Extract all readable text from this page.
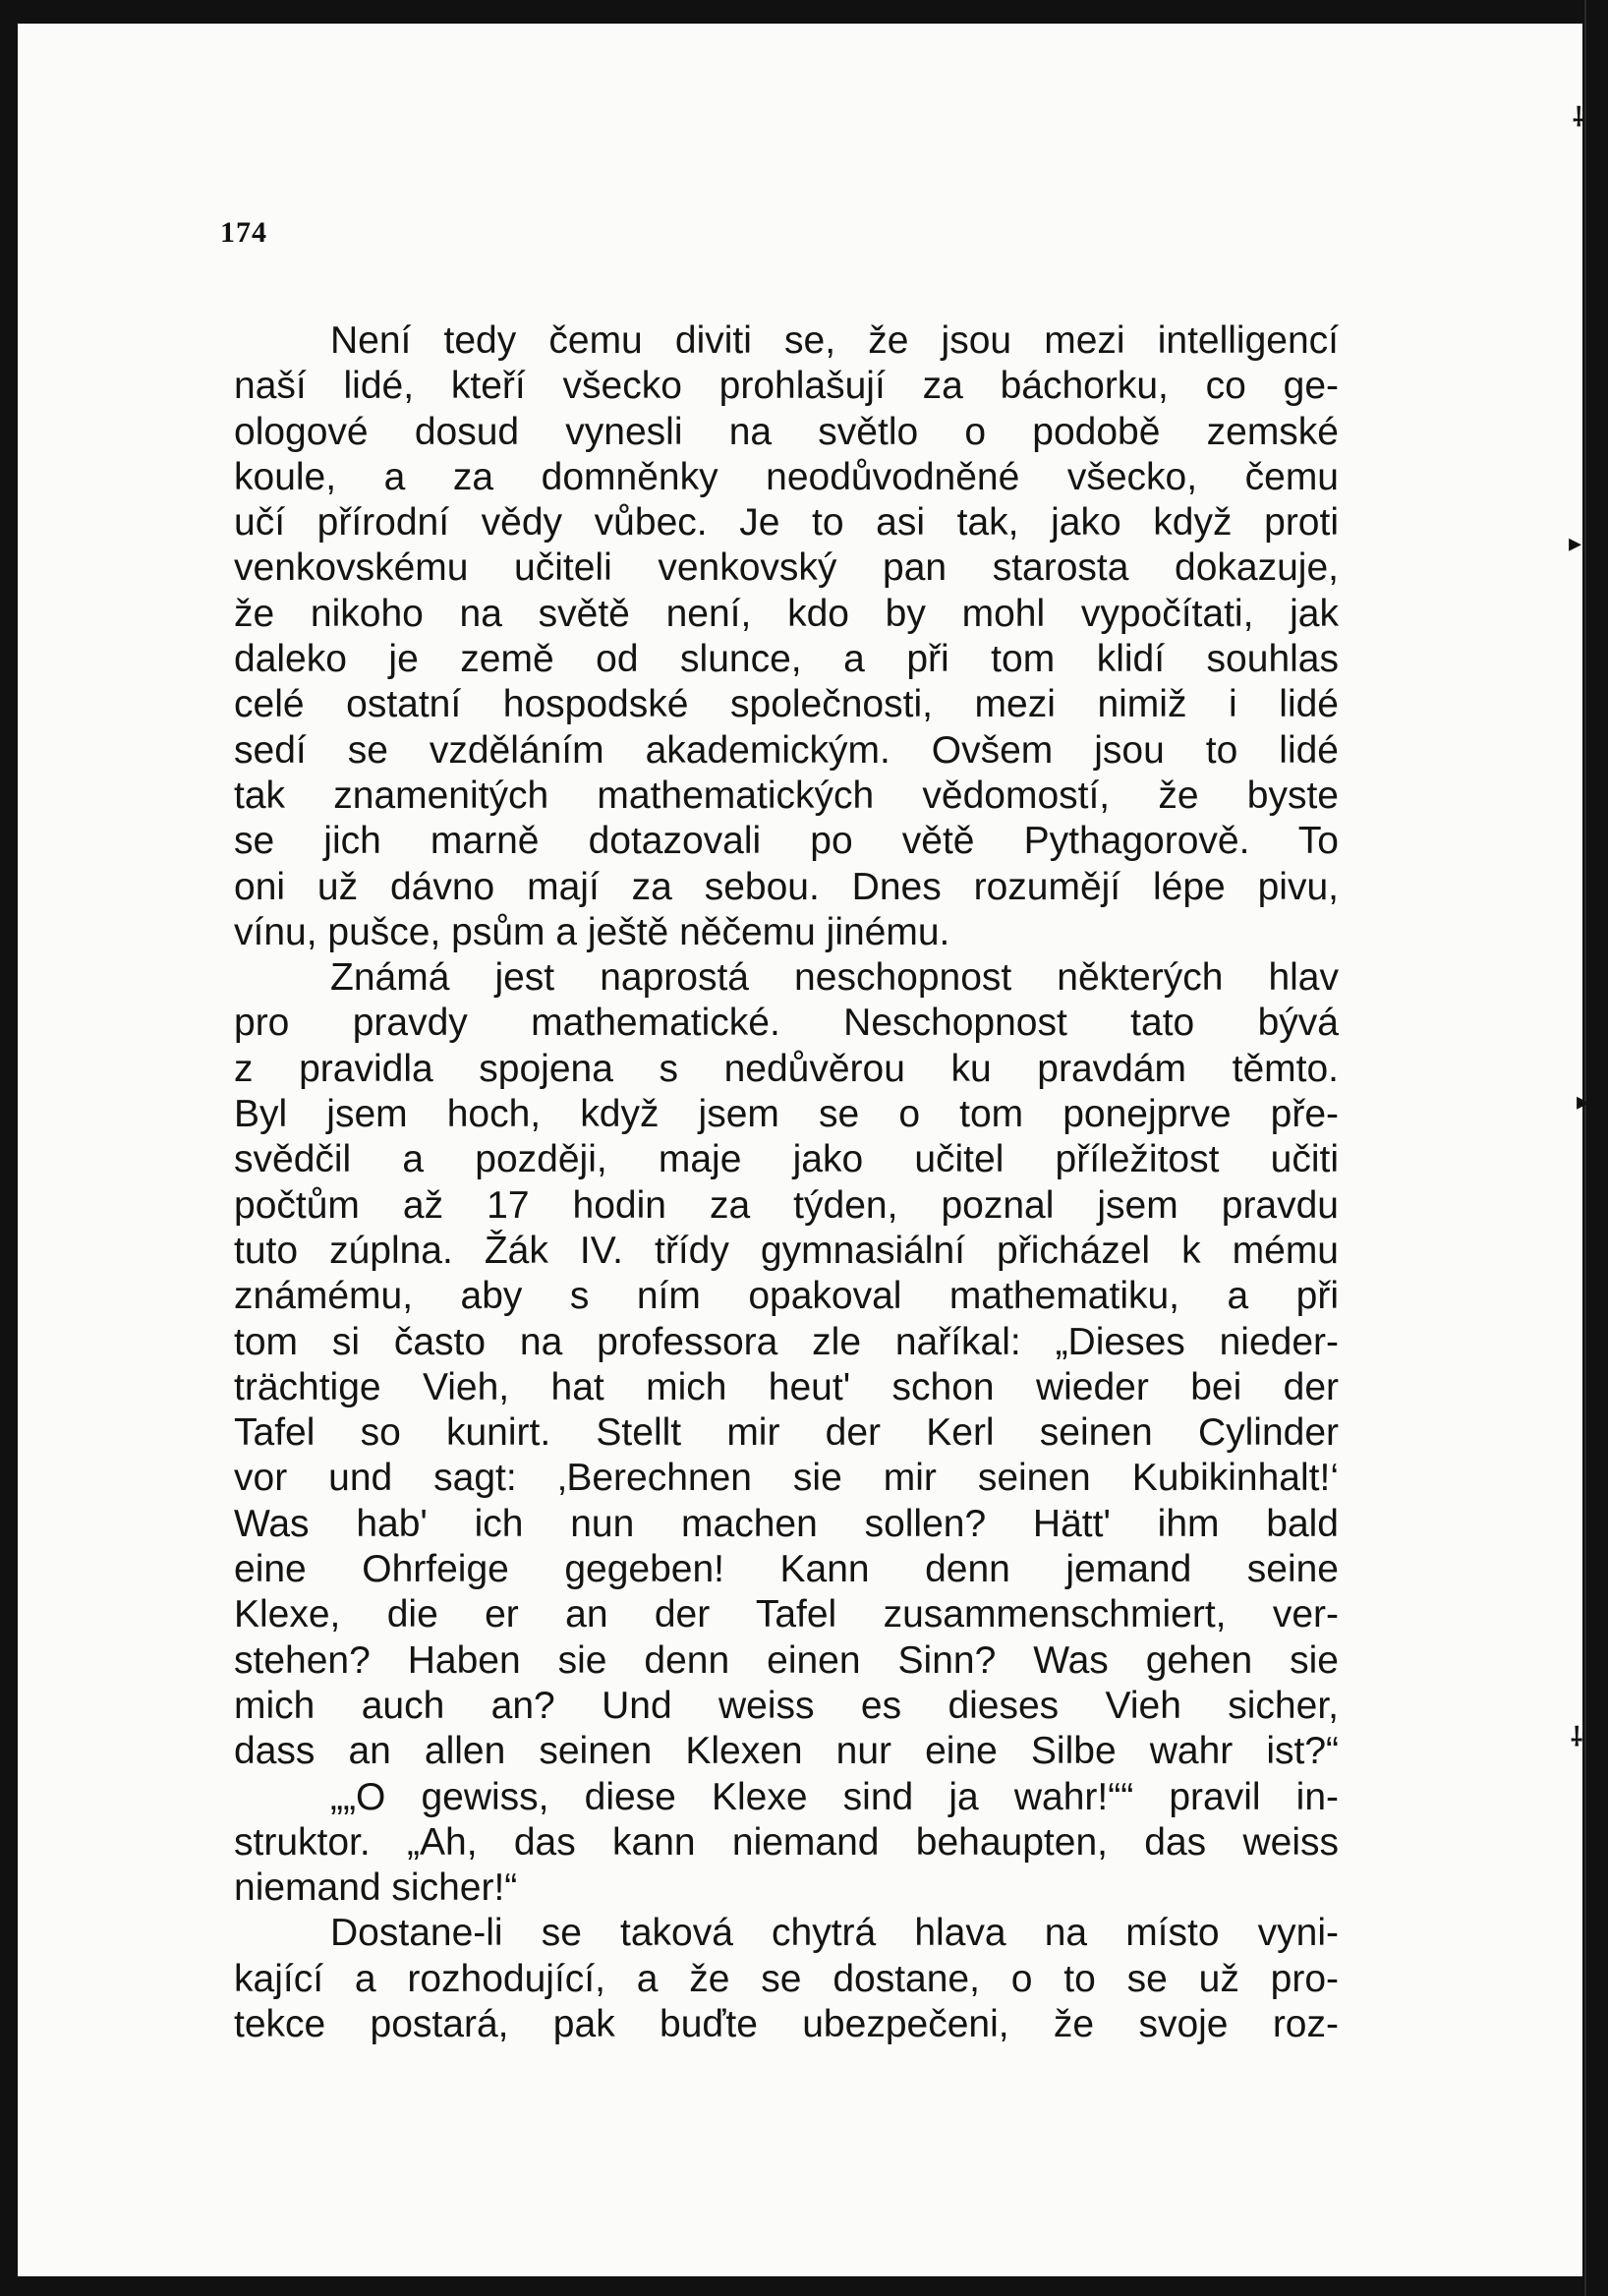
174
Není tedy čemu diviti se, že jsou mezi intelligencí
naší lidé, kteří všecko prohlašují za báchorku, co ge-
ologové dosud vynesli na světlo o podobě zemské
koule, a za domněnky neodůvodněné všecko, čemu
učí přírodní vědy vůbec. Je to asi tak, jako když proti
venkovskému učiteli venkovský pan starosta dokazuje,
že nikoho na světě není, kdo by mohl vypočítati, jak
daleko je země od slunce, a při tom klidí souhlas
celé ostatní hospodské společnosti, mezi nimiž i lidé
sedí se vzděláním akademickým. Ovšem jsou to lidé
tak znamenitých mathematických vědomostí, že byste
se jich marně dotazovali po větě Pythagorově. To
oni už dávno mají za sebou. Dnes rozumějí lépe pivu,
vínu, pušce, psům a ještě něčemu jinému.
Známá jest naprostá neschopnost některých hlav
pro pravdy mathematické. Neschopnost tato bývá
z pravidla spojena s nedůvěrou ku pravdám těmto.
Byl jsem hoch, když jsem se o tom ponejprve pře-
svědčil a později, maje jako učitel příležitost učiti
počtům až 17 hodin za týden, poznal jsem pravdu
tuto zúplna. Žák IV. třídy gymnasiální přicházel k mému
známému, aby s ním opakoval mathematiku, a při
tom si často na professora zle naříkal: „Dieses nieder-
trächtige Vieh, hat mich heut' schon wieder bei der
Tafel so kunirt. Stellt mir der Kerl seinen Cylinder
vor und sagt: ‚Berechnen sie mir seinen Kubikinhalt!‘
Was hab' ich nun machen sollen? Hätt' ihm bald
eine Ohrfeige gegeben! Kann denn jemand seine
Klexe, die er an der Tafel zusammenschmiert, ver-
stehen? Haben sie denn einen Sinn? Was gehen sie
mich auch an? Und weiss es dieses Vieh sicher,
dass an allen seinen Klexen nur eine Silbe wahr ist?“
„„O gewiss, diese Klexe sind ja wahr!““ pravil in-
struktor. „Ah, das kann niemand behaupten, das weiss
niemand sicher!“
Dostane-li se taková chytrá hlava na místo vyni-
kající a rozhodující, a že se dostane, o to se už pro-
tekce postará, pak buďte ubezpečeni, že svoje roz-
⸸
▸
▸
⸸
